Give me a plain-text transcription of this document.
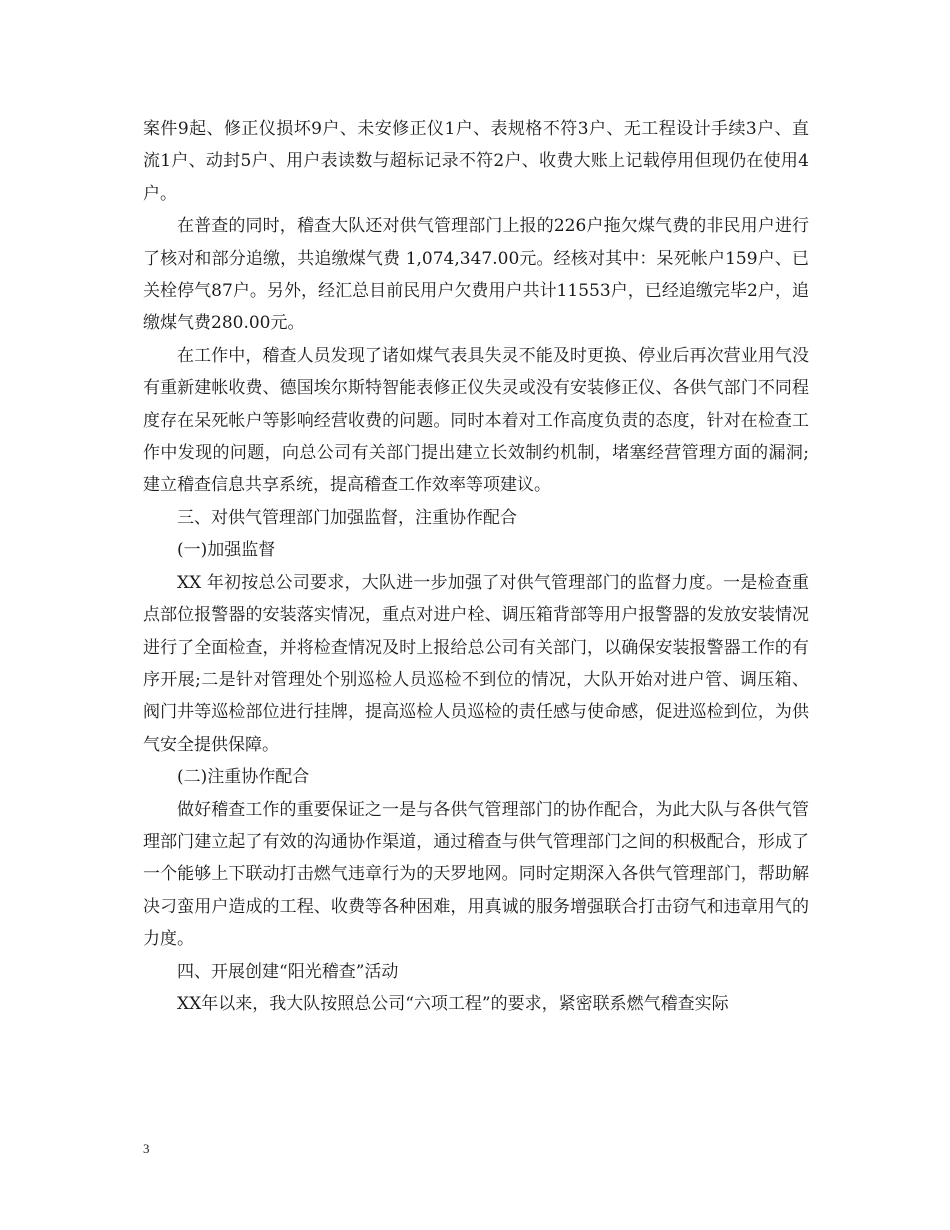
案件9起、修正仪损坏9户、未安修正仪1户、表规格不符3户、无工程设计手续3户、直流1户、动封5户、用户表读数与超标记录不符2户、收费大账上记载停用但现仍在使用4户。

在普查的同时，稽查大队还对供气管理部门上报的226户拖欠煤气费的非民用户进行了核对和部分追缴，共追缴煤气费 1,074,347.00元。经核对其中：呆死帐户159户、已关栓停气87户。另外，经汇总目前民用户欠费用户共计11553户，已经追缴完毕2户，追缴煤气费280.00元。

在工作中，稽查人员发现了诸如煤气表具失灵不能及时更换、停业后再次营业用气没有重新建帐收费、德国埃尔斯特智能表修正仪失灵或没有安装修正仪、各供气部门不同程度存在呆死帐户等影响经营收费的问题。同时本着对工作高度负责的态度，针对在检查工作中发现的问题，向总公司有关部门提出建立长效制约机制，堵塞经营管理方面的漏洞;建立稽查信息共享系统，提高稽查工作效率等项建议。

三、对供气管理部门加强监督，注重协作配合

(一)加强监督

XX 年初按总公司要求，大队进一步加强了对供气管理部门的监督力度。一是检查重点部位报警器的安装落实情况，重点对进户栓、调压箱背部等用户报警器的发放安装情况进行了全面检查，并将检查情况及时上报给总公司有关部门，以确保安装报警器工作的有序开展;二是针对管理处个别巡检人员巡检不到位的情况，大队开始对进户管、调压箱、阀门井等巡检部位进行挂牌，提高巡检人员巡检的责任感与使命感，促进巡检到位，为供气安全提供保障。

(二)注重协作配合

做好稽查工作的重要保证之一是与各供气管理部门的协作配合，为此大队与各供气管理部门建立起了有效的沟通协作渠道，通过稽查与供气管理部门之间的积极配合，形成了一个能够上下联动打击燃气违章行为的天罗地网。同时定期深入各供气管理部门，帮助解决刁蛮用户造成的工程、收费等各种困难，用真诚的服务增强联合打击窃气和违章用气的力度。

四、开展创建“阳光稽查”活动

XX年以来，我大队按照总公司“六项工程”的要求，紧密联系燃气稽查实际

3
